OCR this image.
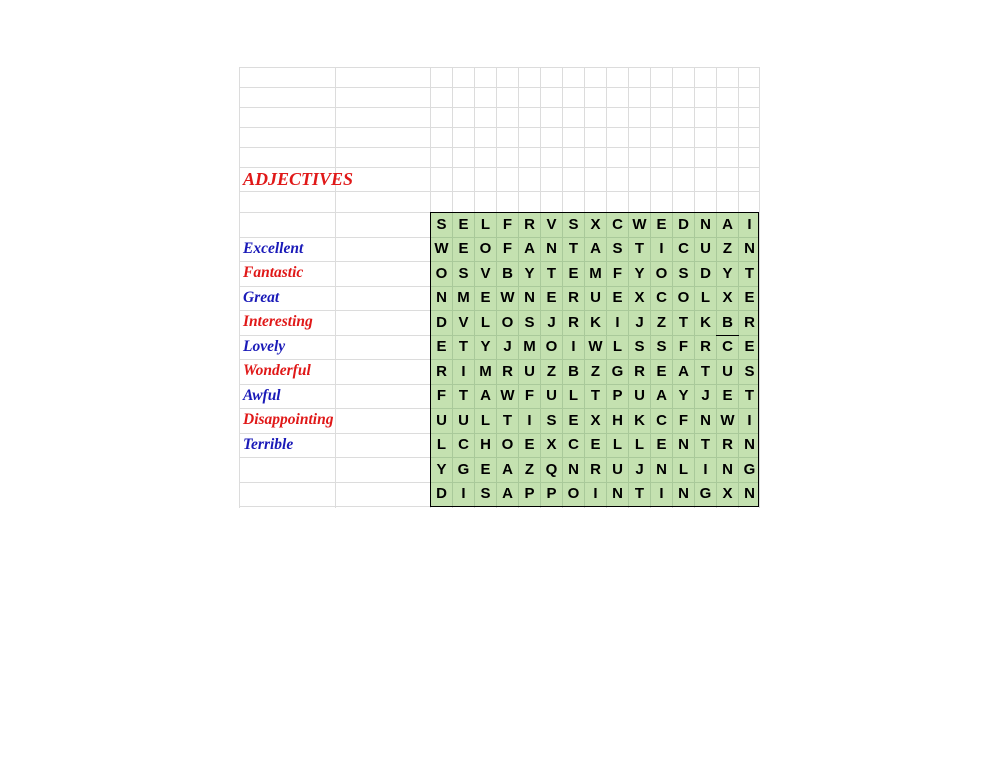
ADJECTIVES
Excellent
Fantastic
Great
Interesting
Lovely
Wonderful
Awful
Disappointing
Terrible
S E L F R V S X C W E D N A I
W E O F A N T A S T	I C U Z N
O S V B Y T E M F Y O S D Y T
N M E W N E R U E X C O L X E
D V L O S J R K I	J Z T K B R
E T Y J M O I W L S S F R C E
R I M R U Z B Z G R E A T U S
F T A W F U L T P U A Y J E T
U U L T	I S E X H K C F N W I
L C H O E X C E L L E N T R N
Y G E A Z Q N R U J N L	I N G
D I S A P P O I N T	I N G X N
